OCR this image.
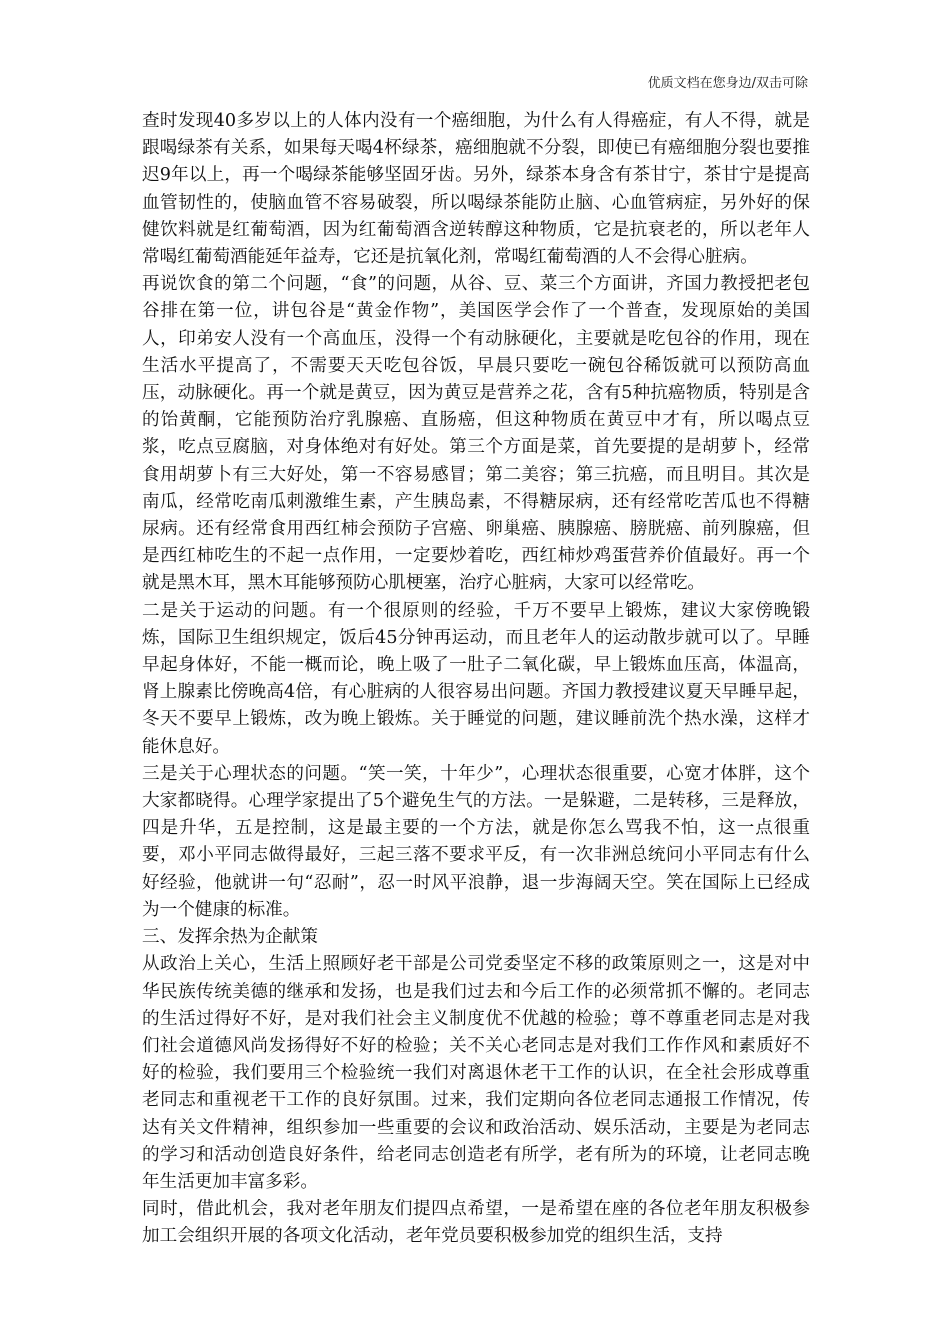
优质文档在您身边/双击可除

查时发现40多岁以上的人体内没有一个癌细胞，为什么有人得癌症，有人不得，就是跟喝绿茶有关系，如果每天喝4杯绿茶，癌细胞就不分裂，即使已有癌细胞分裂也要推迟9年以上，再一个喝绿茶能够坚固牙齿。另外，绿茶本身含有茶甘宁，茶甘宁是提高血管韧性的，使脑血管不容易破裂，所以喝绿茶能防止脑、心血管病症，另外好的保健饮料就是红葡萄酒，因为红葡萄酒含逆转醇这种物质，它是抗衰老的，所以老年人常喝红葡萄酒能延年益寿，它还是抗氧化剂，常喝红葡萄酒的人不会得心脏病。

再说饮食的第二个问题，“食”的问题，从谷、豆、菜三个方面讲，齐国力教授把老包谷排在第一位，讲包谷是“黄金作物”，美国医学会作了一个普查，发现原始的美国人，印弟安人没有一个高血压，没得一个有动脉硬化，主要就是吃包谷的作用，现在生活水平提高了，不需要天天吃包谷饭，早晨只要吃一碗包谷稀饭就可以预防高血压，动脉硬化。再一个就是黄豆，因为黄豆是营养之花，含有5种抗癌物质，特别是含的饴黄酮，它能预防治疗乳腺癌、直肠癌，但这种物质在黄豆中才有，所以喝点豆浆，吃点豆腐脑，对身体绝对有好处。第三个方面是菜，首先要提的是胡萝卜，经常食用胡萝卜有三大好处，第一不容易感冒；第二美容；第三抗癌，而且明目。其次是南瓜，经常吃南瓜刺激维生素，产生胰岛素，不得糖尿病，还有经常吃苦瓜也不得糖尿病。还有经常食用西红柿会预防子宫癌、卵巢癌、胰腺癌、膀胱癌、前列腺癌，但是西红柿吃生的不起一点作用，一定要炒着吃，西红柿炒鸡蛋营养价值最好。再一个就是黑木耳，黑木耳能够预防心肌梗塞，治疗心脏病，大家可以经常吃。

二是关于运动的问题。有一个很原则的经验，千万不要早上锻炼，建议大家傍晚锻炼，国际卫生组织规定，饭后45分钟再运动，而且老年人的运动散步就可以了。早睡早起身体好，不能一概而论，晚上吸了一肚子二氧化碳，早上锻炼血压高，体温高，肾上腺素比傍晚高4倍，有心脏病的人很容易出问题。齐国力教授建议夏天早睡早起，冬天不要早上锻炼，改为晚上锻炼。关于睡觉的问题，建议睡前洗个热水澡，这样才能休息好。

三是关于心理状态的问题。“笑一笑，十年少”，心理状态很重要，心宽才体胖，这个大家都晓得。心理学家提出了5个避免生气的方法。一是躲避，二是转移，三是释放，四是升华，五是控制，这是最主要的一个方法，就是你怎么骂我不怕，这一点很重要，邓小平同志做得最好，三起三落不要求平反，有一次非洲总统问小平同志有什么好经验，他就讲一句“忍耐”，忍一时风平浪静，退一步海阔天空。笑在国际上已经成为一个健康的标准。

三、发挥余热为企献策

从政治上关心，生活上照顾好老干部是公司党委坚定不移的政策原则之一，这是对中华民族传统美德的继承和发扬，也是我们过去和今后工作的必须常抓不懈的。老同志的生活过得好不好，是对我们社会主义制度优不优越的检验；尊不尊重老同志是对我们社会道德风尚发扬得好不好的检验；关不关心老同志是对我们工作作风和素质好不好的检验，我们要用三个检验统一我们对离退休老干工作的认识，在全社会形成尊重老同志和重视老干工作的良好氛围。过来，我们定期向各位老同志通报工作情况，传达有关文件精神，组织参加一些重要的会议和政治活动、娱乐活动，主要是为老同志的学习和活动创造良好条件，给老同志创造老有所学，老有所为的环境，让老同志晚年生活更加丰富多彩。

同时，借此机会，我对老年朋友们提四点希望，一是希望在座的各位老年朋友积极参加工会组织开展的各项文化活动，老年党员要积极参加党的组织生活，支持
